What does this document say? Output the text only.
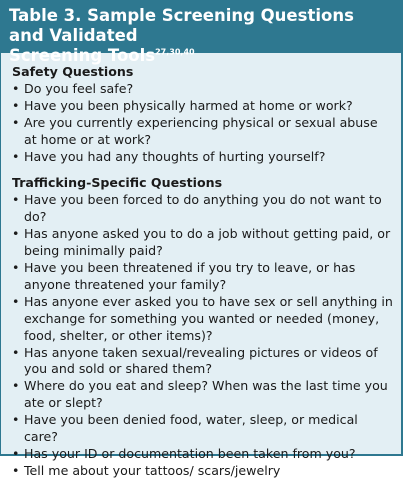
Table 3. Sample Screening Questions and Validated
Screening Tools$^{27,30,40}$

Safety Questions

• Do you feel safe?
• Have you been physically harmed at home or work?
• Are you currently experiencing physical or sexual abuse at home or at work?
• Have you had any thoughts of hurting yourself?

Trafficking-Specific Questions

• Have you been forced to do anything you do not want to do?
• Has anyone asked you to do a job without getting paid, or being minimally paid?
• Have you been threatened if you try to leave, or has anyone threatened your family?
• Has anyone ever asked you to have sex or sell anything in exchange for something you wanted or needed (money, food, shelter, or other items)?
• Has anyone taken sexual/revealing pictures or videos of you and sold or shared them?
• Where do you eat and sleep? When was the last time you ate or slept?
• Have you been denied food, water, sleep, or medical care?
• Has your ID or documentation been taken from you?
• Tell me about your tattoos/ scars/jewelry
